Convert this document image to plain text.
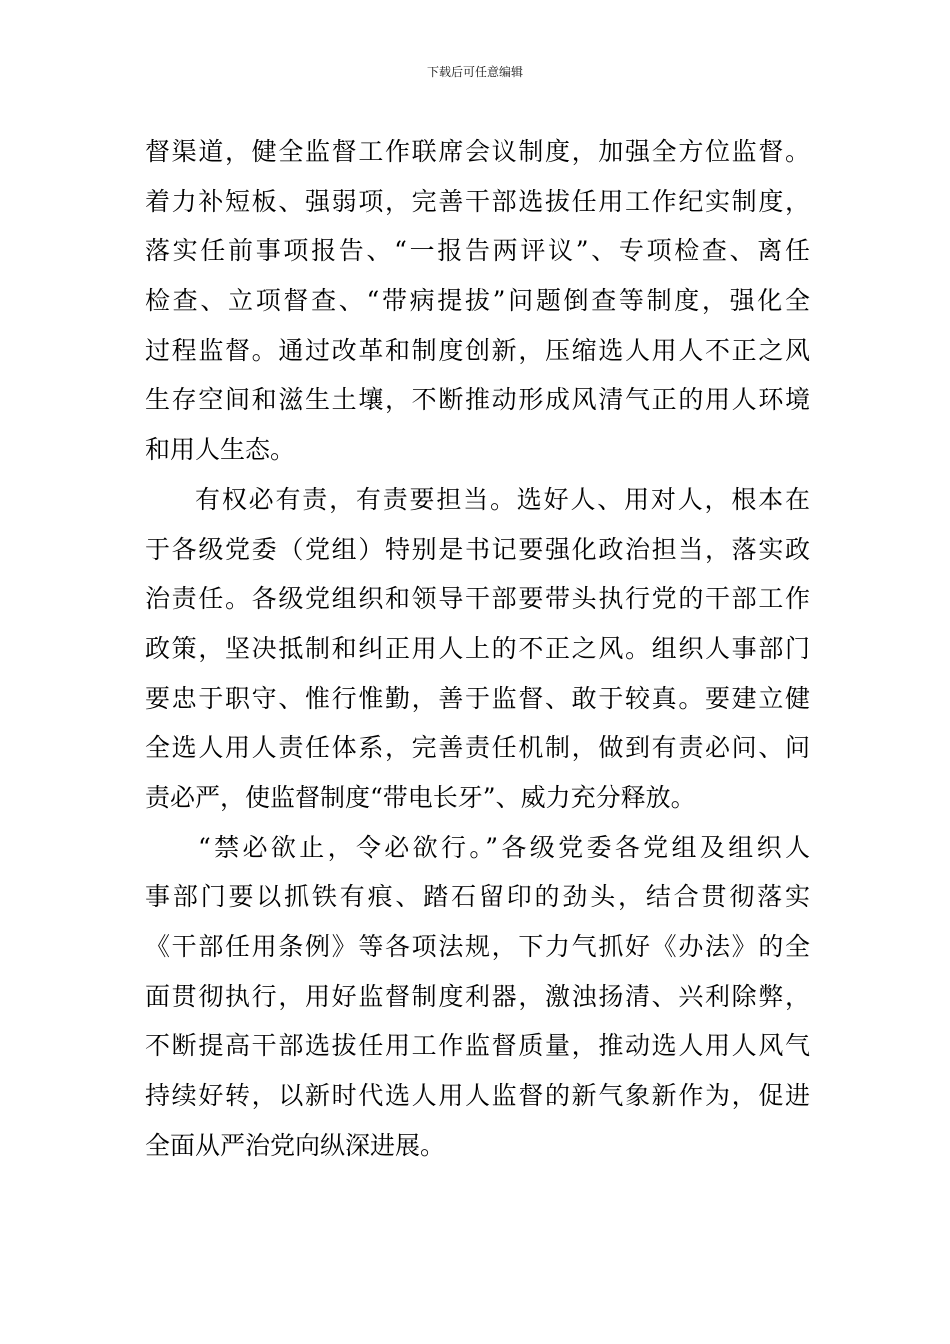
下载后可任意编辑
督渠道，健全监督工作联席会议制度，加强全方位监督。
着力补短板、强弱项，完善干部选拔任用工作纪实制度，
落实任前事项报告、“一报告两评议”、专项检查、离任
检查、立项督查、“带病提拔”问题倒查等制度，强化全
过程监督。通过改革和制度创新，压缩选人用人不正之风
生存空间和滋生土壤，不断推动形成风清气正的用人环境
和用人生态。
有权必有责，有责要担当。选好人、用对人，根本在
于各级党委（党组）特别是书记要强化政治担当，落实政
治责任。各级党组织和领导干部要带头执行党的干部工作
政策，坚决抵制和纠正用人上的不正之风。组织人事部门
要忠于职守、惟行惟勤，善于监督、敢于较真。要建立健
全选人用人责任体系，完善责任机制，做到有责必问、问
责必严，使监督制度“带电长牙”、威力充分释放。
“禁必欲止，令必欲行。”各级党委各党组及组织人
事部门要以抓铁有痕、踏石留印的劲头，结合贯彻落实
《干部任用条例》等各项法规，下力气抓好《办法》的全
面贯彻执行，用好监督制度利器，激浊扬清、兴利除弊，
不断提高干部选拔任用工作监督质量，推动选人用人风气
持续好转，以新时代选人用人监督的新气象新作为，促进
全面从严治党向纵深进展。
